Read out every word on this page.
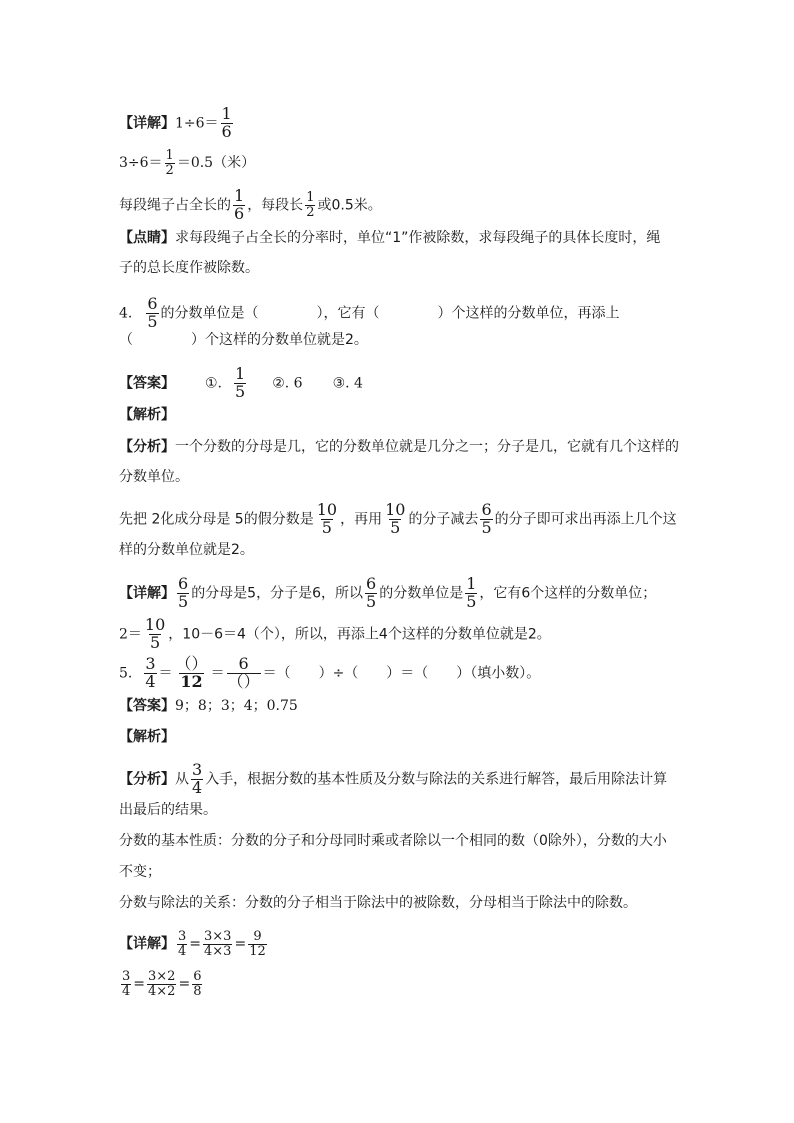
【详解】$1\div 6= \frac{1}{6}$
$3\div 6= \frac{1}{2} =0.5$（米）
每段绳子占全长的 $\frac{1}{6}$ ，每段长 $\frac{1}{2}$ 或0.5米。
【点睛】求每段绳子占全长的分率时，单位“1”作被除数，求每段绳子的具体长度时，绳
子的总长度作被除数。
4. $\frac{6}{5}$ 的分数单位是（	），它有（	）个这样的分数单位，再添上
（	）个这样的分数单位就是2。
【答案】 ①. $\frac{1}{5}$ ②. 6 ③. 4
【解析】
【分析】一个分数的分母是几，它的分数单位就是几分之一；分子是几，它就有几个这样的
分数单位。
先把 2化成分母是 5的假分数是 $\frac{10}{5}$ ，再用 $\frac{10}{5}$ 的分子减去 $\frac{6}{5}$ 的分子即可求出再添上几个这
样的分数单位就是2。
【详解】 $\frac{6}{5}$ 的分母是5，分子是6，所以 $\frac{6}{5}$ 的分数单位是 $\frac{1}{5}$ ，它有6个这样的分数单位；
$2= \frac{10}{5}$ ，10－6＝4（个），所以，再添上4个这样的分数单位就是2。
5. $\frac{3}{4} = \frac{()}{12} = \frac{6}{()}$ ＝（　　）÷（　　）＝（　　）（填小数）。
【答案】9；8；3；4；0.75
【解析】
【分析】从 $\frac{3}{4}$ 入手，根据分数的基本性质及分数与除法的关系进行解答，最后用除法计算
出最后的结果。
分数的基本性质：分数的分子和分母同时乘或者除以一个相同的数（0除外），分数的大小
不变；
分数与除法的关系：分数的分子相当于除法中的被除数，分母相当于除法中的除数。
【详解】 $\frac{3}{4} = \frac{3\times 3}{4\times 3} = \frac{9}{12}$
$\frac{3}{4} = \frac{3\times 2}{4\times 2} = \frac{6}{8}$
